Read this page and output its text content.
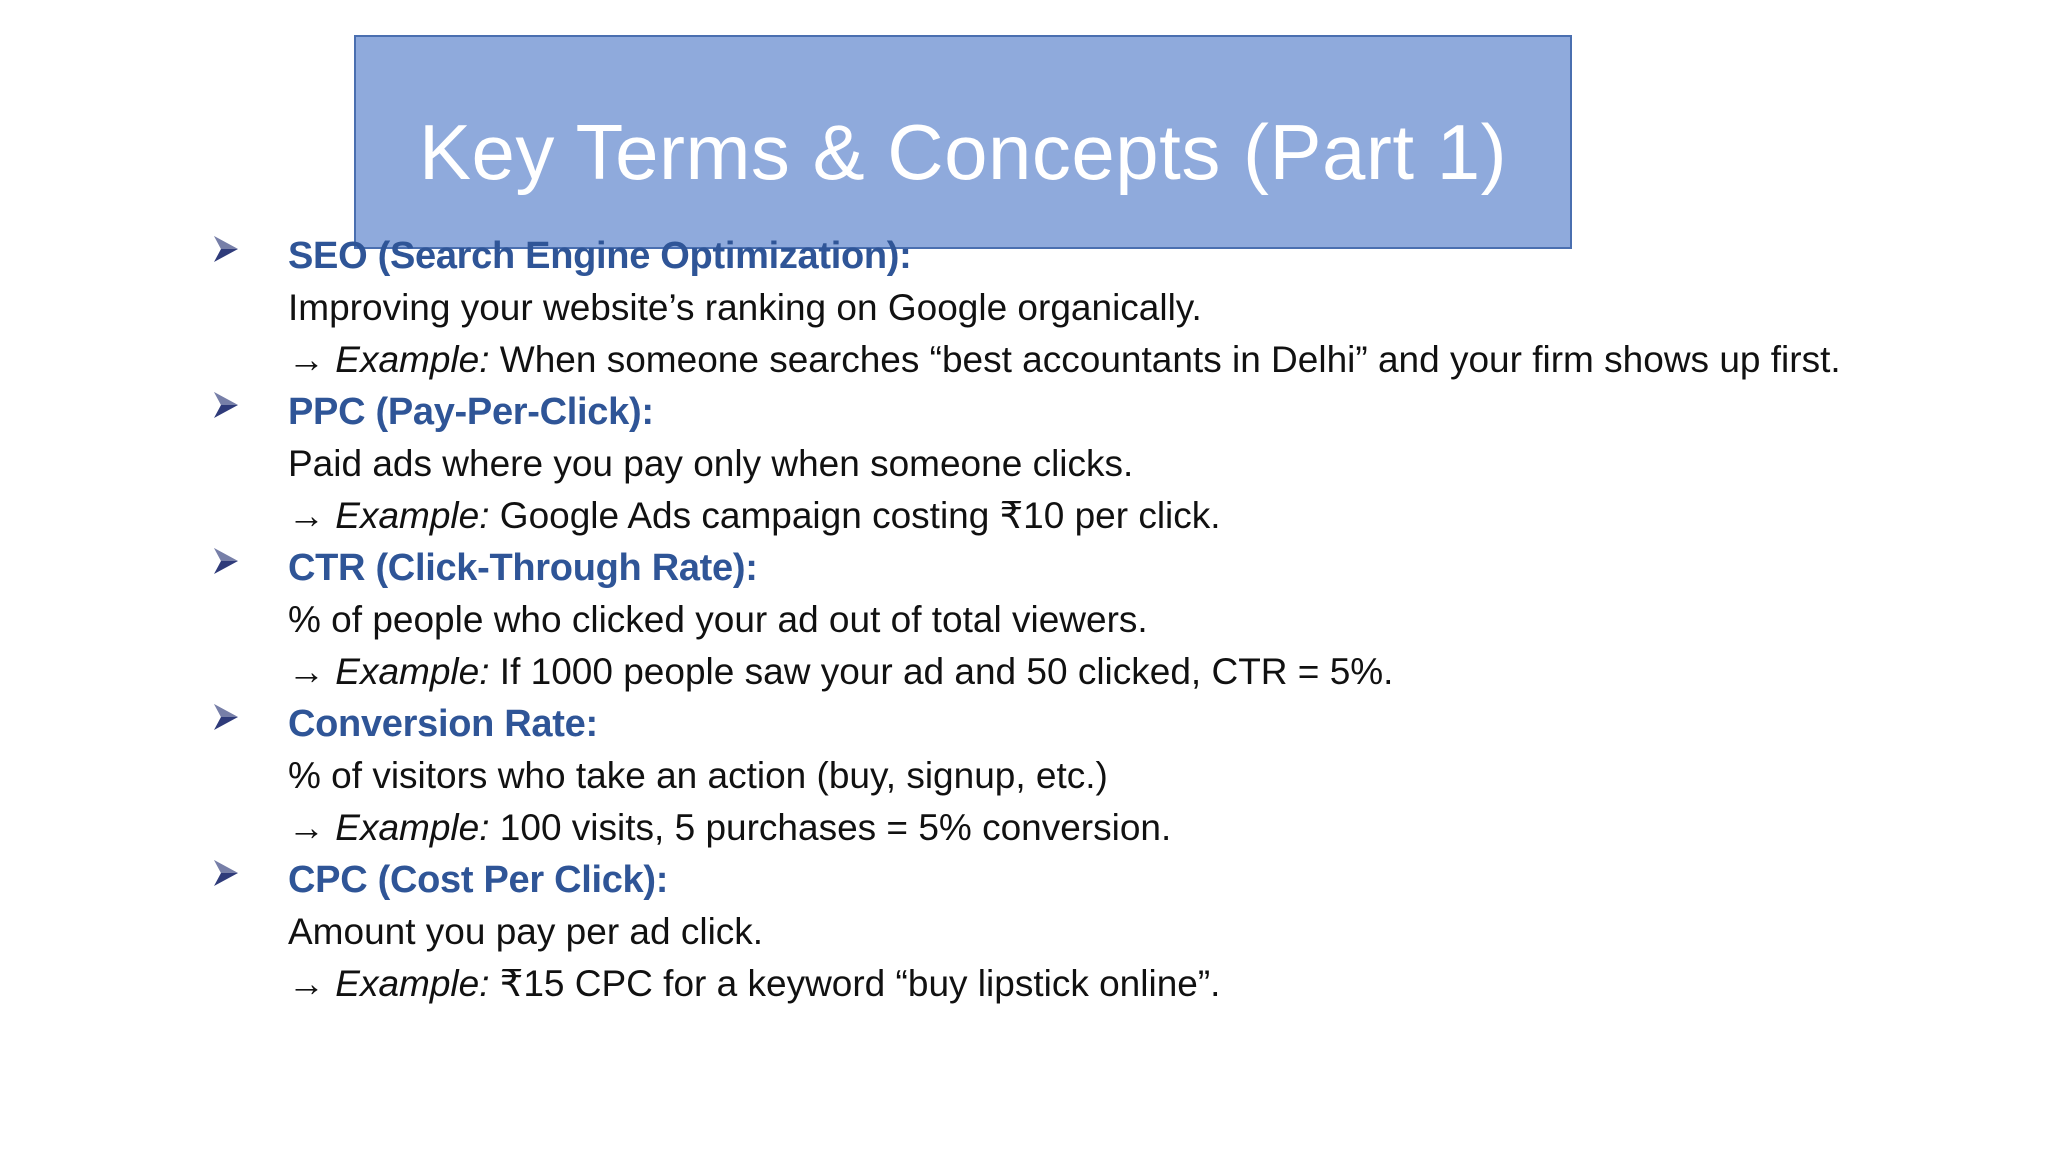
Key Terms & Concepts (Part 1)
SEO (Search Engine Optimization):
Improving your website’s ranking on Google organically.
→ Example: When someone searches “best accountants in Delhi” and your firm shows up first.
PPC (Pay-Per-Click):
Paid ads where you pay only when someone clicks.
→ Example: Google Ads campaign costing ₹10 per click.
CTR (Click-Through Rate):
% of people who clicked your ad out of total viewers.
→ Example: If 1000 people saw your ad and 50 clicked, CTR = 5%.
Conversion Rate:
% of visitors who take an action (buy, signup, etc.)
→ Example: 100 visits, 5 purchases = 5% conversion.
CPC (Cost Per Click):
Amount you pay per ad click.
→ Example: ₹15 CPC for a keyword “buy lipstick online”.
